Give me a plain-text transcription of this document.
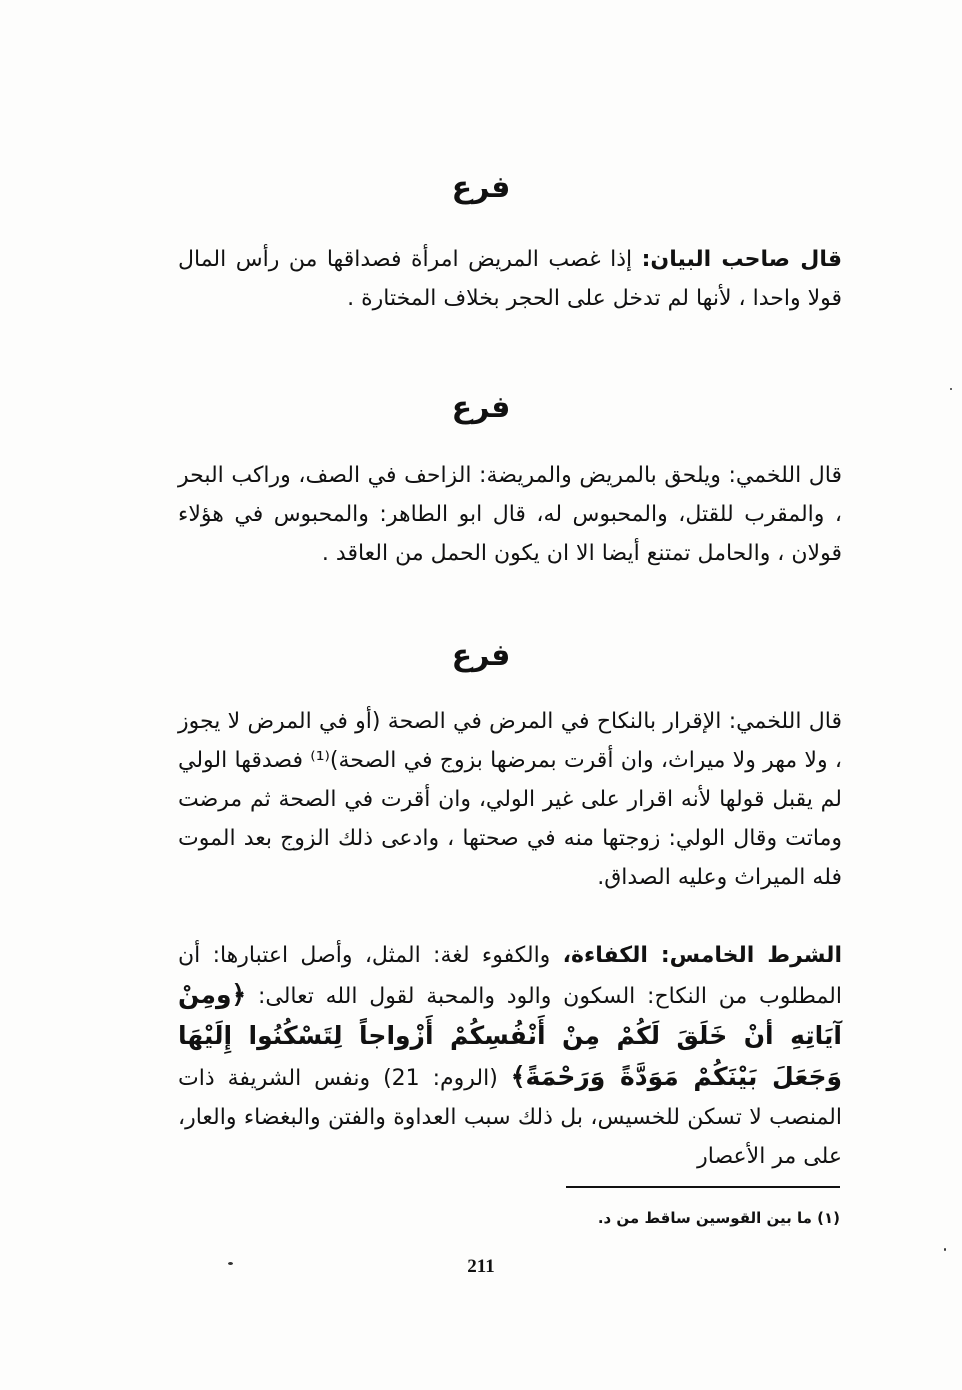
فرع
قال صاحب البيان: إذا غصب المريض امرأة فصداقها من رأس المال قولا واحدا ، لأنها لم تدخل على الحجر بخلاف المختارة .
فرع
قال اللخمي: ويلحق بالمريض والمريضة: الزاحف في الصف، وراكب البحر ، والمقرب للقتل، والمحبوس له، قال ابو الطاهر: والمحبوس في هؤلاء قولان ، والحامل تمتنع أيضا الا ان يكون الحمل من العاقد .
فرع
قال اللخمي: الإقرار بالنكاح في المرض في الصحة (أو في المرض لا يجوز ، ولا مهر ولا ميراث، وان أقرت بمرضها بزوج في الصحة)⁽¹⁾ فصدقها الولي لم يقبل قولها لأنه اقرار على غير الولي، وان أقرت في الصحة ثم مرضت وماتت وقال الولي: زوجتها منه في صحتها ، وادعى ذلك الزوج بعد الموت فله الميراث وعليه الصداق.
الشرط الخامس: الكفاءة، والكفوء لغة: المثل، وأصل اعتبارها: أن المطلوب من النكاح: السكون والود والمحبة لقول الله تعالى: ﴿ومِنْ آيَاتِهِ أنْ خَلَقَ لَكُمْ مِنْ أَنْفُسِكُمْ أَزْواجاً لِتَسْكُنُوا إِلَيْهَا وَجَعَلَ بَيْنَكُمْ مَوَدَّةً وَرَحْمَةً﴾ (الروم: 21) ونفس الشريفة ذات المنصب لا تسكن للخسيس، بل ذلك سبب العداوة والفتن والبغضاء والعار، على مر الأعصار
(١) ما بين القوسين ساقط من د.
211
